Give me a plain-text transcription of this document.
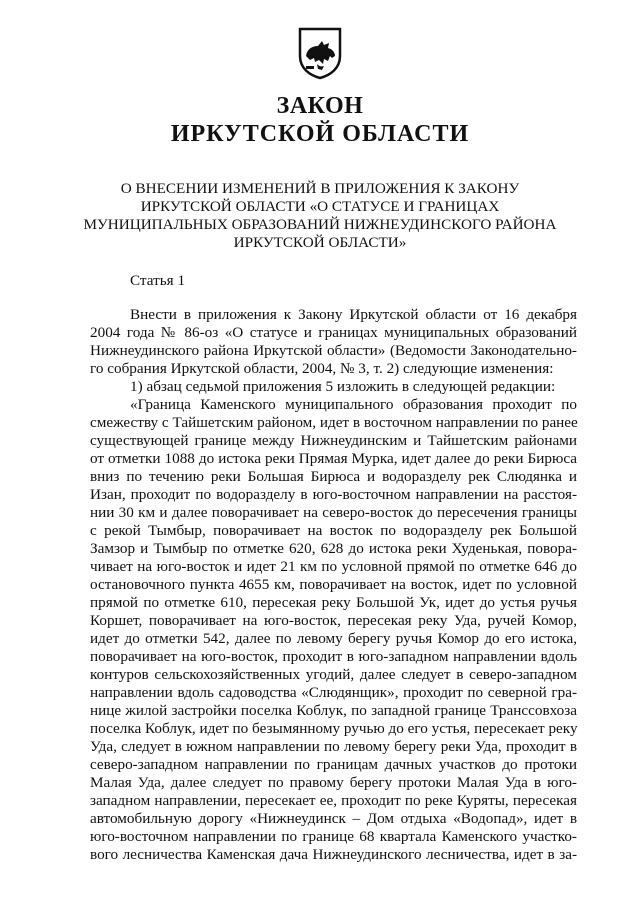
ЗАКОН
ИРКУТСКОЙ ОБЛАСТИ
О ВНЕСЕНИИ ИЗМЕНЕНИЙ В ПРИЛОЖЕНИЯ К ЗАКОНУ
ИРКУТСКОЙ ОБЛАСТИ «О СТАТУСЕ И ГРАНИЦАХ
МУНИЦИПАЛЬНЫХ ОБРАЗОВАНИЙ НИЖНЕУДИНСКОГО РАЙОНА
ИРКУТСКОЙ ОБЛАСТИ»
Статья 1
Внести в приложения к Закону Иркутской области от 16 декабря
2004 года № 86-оз «О статусе и границах муниципальных образований
Нижнеудинского района Иркутской области» (Ведомости Законодательно-
го собрания Иркутской области, 2004, № 3, т. 2) следующие изменения:
1) абзац седьмой приложения 5 изложить в следующей редакции:
«Граница Каменского муниципального образования проходит по
смежеству с Тайшетским районом, идет в восточном направлении по ранее
существующей границе между Нижнеудинским и Тайшетским районами
от отметки 1088 до истока реки Прямая Мурка, идет далее до реки Бирюса
вниз по течению реки Большая Бирюса и водоразделу рек Слюдянка и
Изан, проходит по водоразделу в юго-восточном направлении на расстоя-
нии 30 км и далее поворачивает на северо-восток до пересечения границы
с рекой Тымбыр, поворачивает на восток по водоразделу рек Большой
Замзор и Тымбыр по отметке 620, 628 до истока реки Худенькая, повора-
чивает на юго-восток и идет 21 км по условной прямой по отметке 646 до
остановочного пункта 4655 км, поворачивает на восток, идет по условной
прямой по отметке 610, пересекая реку Большой Ук, идет до устья ручья
Коршет, поворачивает на юго-восток, пересекая реку Уда, ручей Комор,
идет до отметки 542, далее по левому берегу ручья Комор до его истока,
поворачивает на юго-восток, проходит в юго-западном направлении вдоль
контуров сельскохозяйственных угодий, далее следует в северо-западном
направлении вдоль садоводства «Слюдянщик», проходит по северной гра-
нице жилой застройки поселка Коблук, по западной границе Транссовхоза
поселка Коблук, идет по безымянному ручью до его устья, пересекает реку
Уда, следует в южном направлении по левому берегу реки Уда, проходит в
северо-западном направлении по границам дачных участков до протоки
Малая Уда, далее следует по правому берегу протоки Малая Уда в юго-
западном направлении, пересекает ее, проходит по реке Куряты, пересекая
автомобильную дорогу «Нижнеудинск – Дом отдыха «Водопад», идет в
юго-восточном направлении по границе 68 квартала Каменского участко-
вого лесничества Каменская дача Нижнеудинского лесничества, идет в за-
